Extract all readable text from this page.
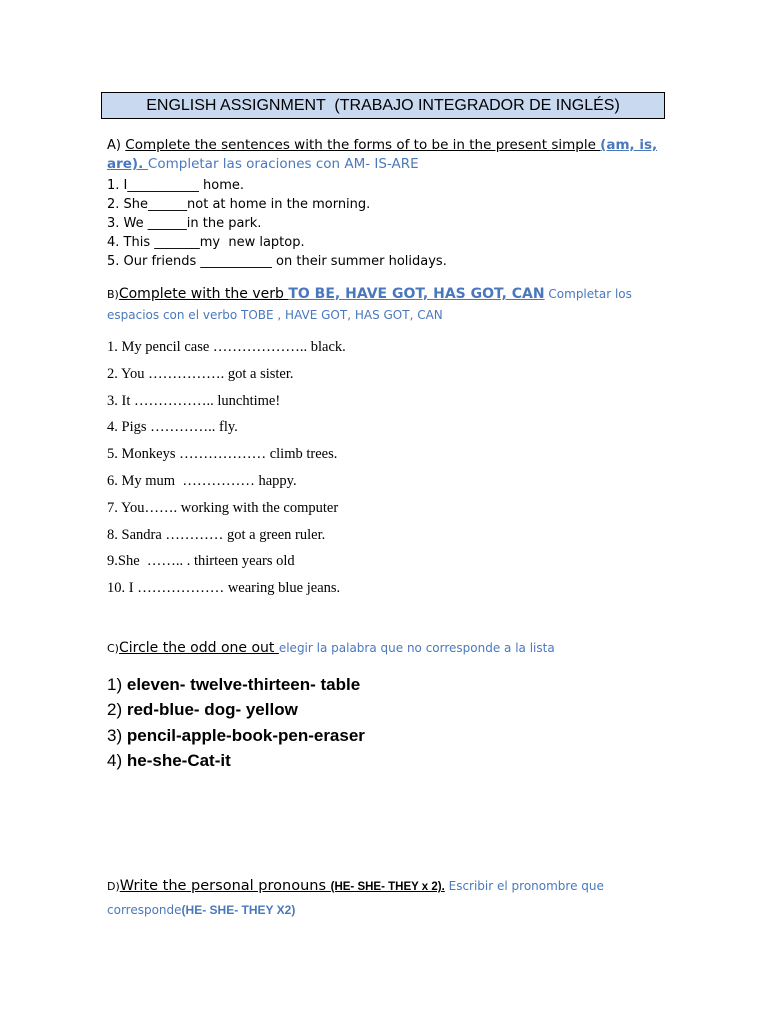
ENGLISH ASSIGNMENT  (TRABAJO INTEGRADOR DE INGLÉS)
A) Complete the sentences with the forms of to be in the present simple (am, is, are). Completar las oraciones con AM- IS-ARE
1. I___________ home.
2. She______not at home in the morning.
3. We ______in the park.
4. This _______my  new laptop.
5. Our friends ___________ on their summer holidays.
B)Complete with the verb TO BE, HAVE GOT, HAS GOT, CAN Completar los espacios con el verbo TOBE , HAVE GOT, HAS GOT, CAN
1. My pencil case ……………….. black.
2. You ……………. got a sister.
3. It …………….. lunchtime!
4. Pigs ………….. fly.
5. Monkeys ……………… climb trees.
6. My mum  …………… happy.
7. You……. working with the computer
8. Sandra ………… got a green ruler.
9.She  …….. . thirteen years old
10. I ……………… wearing blue jeans.
C)Circle the odd one out elegir la palabra que no corresponde a la lista
1) eleven- twelve-thirteen- table
2) red-blue- dog- yellow
3) pencil-apple-book-pen-eraser
4) he-she-Cat-it
D)Write the personal pronouns (HE- SHE- THEY x 2). Escribir el pronombre que corresponde(HE- SHE- THEY X2)
